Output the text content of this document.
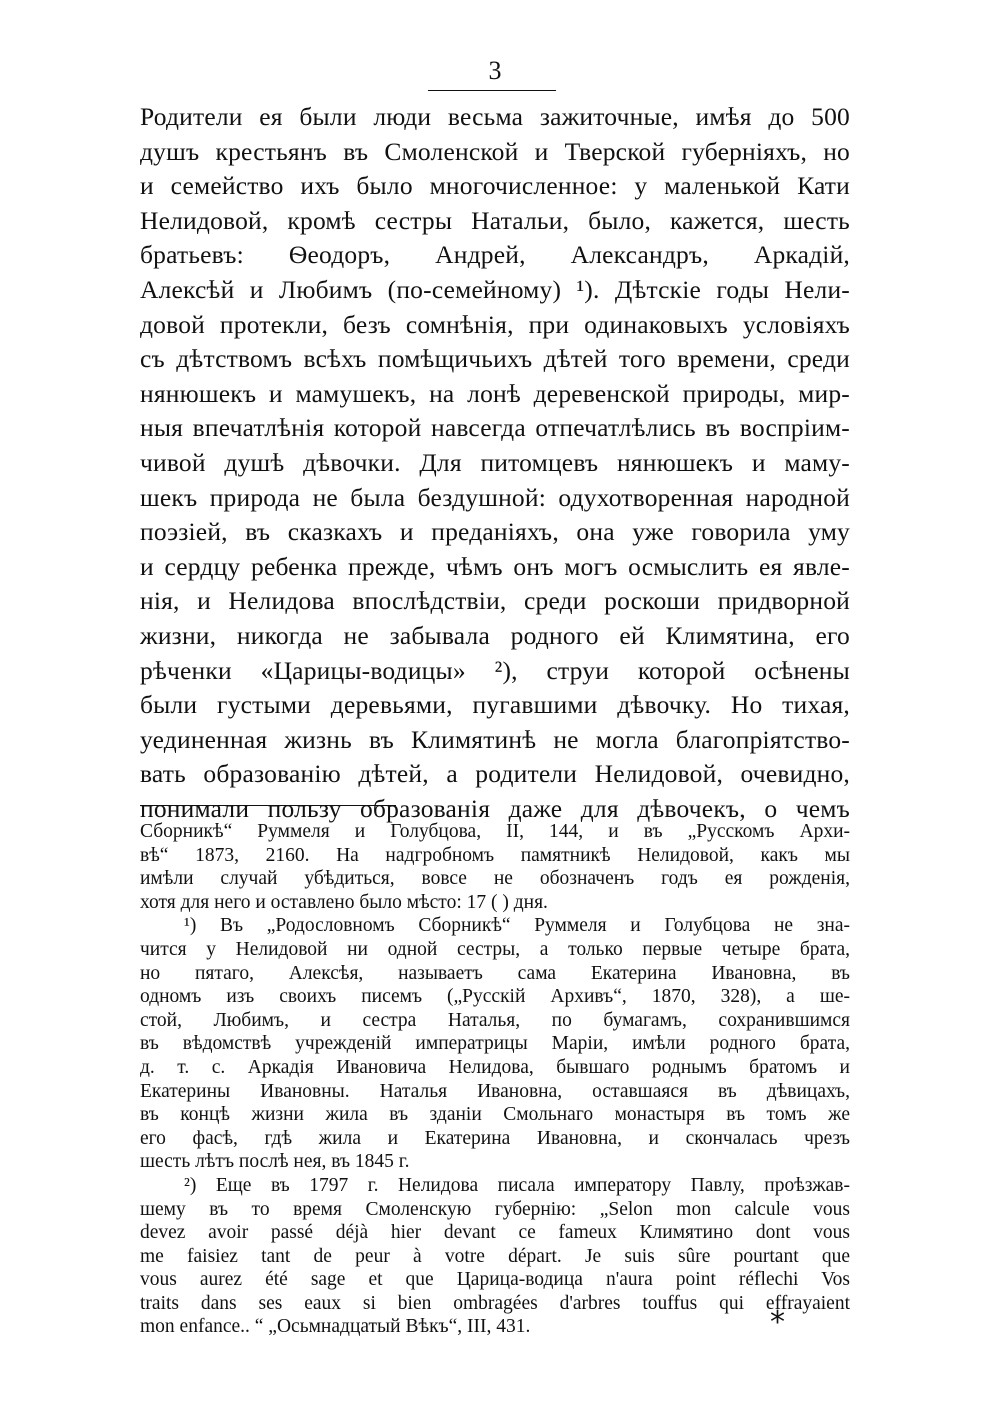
3
Родители ея были люди весьма зажиточные, имѣя до 500
душъ крестьянъ въ Смоленской и Тверской губерніяхъ, но
и семейство ихъ было многочисленное: у маленькой Кати
Нелидовой, кромѣ сестры Натальи, было, кажется, шесть
братьевъ: Ѳеодоръ, Андрей, Александръ, Аркадій,
Алексѣй и Любимъ (по-семейному) ¹). Дѣтскіе годы Нели-
довой протекли, безъ сомнѣнія, при одинаковыхъ условіяхъ
съ дѣтствомъ всѣхъ помѣщичьихъ дѣтей того времени, среди
нянюшекъ и мамушекъ, на лонѣ деревенской природы, мир-
ныя впечатлѣнія которой навсегда отпечатлѣлись въ воспріим-
чивой душѣ дѣвочки. Для питомцевъ нянюшекъ и маму-
шекъ природа не была бездушной: одухотворенная народной
поэзіей, въ сказкахъ и преданіяхъ, она уже говорила уму
и сердцу ребенка прежде, чѣмъ онъ могъ осмыслить ея явле-
нія, и Нелидова впослѣдствіи, среди роскоши придворной
жизни, никогда не забывала родного ей Климятина, его
рѣченки «Царицы-водицы» ²), струи которой осѣнены
были густыми деревьями, пугавшими дѣвочку. Но тихая,
уединенная жизнь въ Климятинѣ не могла благопріятство-
вать образованію дѣтей, а родители Нелидовой, очевидно,
понимали пользу образованія даже для дѣвочекъ, о чемъ
Сборникѣ“ Руммеля и Голубцова, II, 144, и въ „Русскомъ Архи-
вѣ“ 1873, 2160. На надгробномъ памятникѣ Нелидовой, какъ мы
имѣли случай убѣдиться, вовсе не обозначенъ годъ ея рожденія,
хотя для него и оставлено было мѣсто: 17 ( ) дня.
¹) Въ „Родословномъ Сборникѣ“ Руммеля и Голубцова не зна-
чится у Нелидовой ни одной сестры, а только первые четыре брата,
но пятаго, Алексѣя, называетъ сама Екатерина Ивановна, въ
одномъ изъ своихъ писемъ („Русскій Архивъ“, 1870, 328), а ше-
стой, Любимъ, и сестра Наталья, по бумагамъ, сохранившимся
въ вѣдомствѣ учрежденій императрицы Маріи, имѣли родного брата,
д. т. с. Аркадія Ивановича Нелидова, бывшаго роднымъ братомъ и
Екатерины Ивановны. Наталья Ивановна, оставшаяся въ дѣвицахъ,
въ концѣ жизни жила въ зданіи Смольнаго монастыря въ томъ же
его фасѣ, гдѣ жила и Екатерина Ивановна, и скончалась чрезъ
шесть лѣтъ послѣ нея, въ 1845 г.
²) Еще въ 1797 г. Нелидова писала императору Павлу, проѣзжав-
шему въ то время Смоленскую губернію: „Selon mon calcule vous
devez avoir passé déjà hier devant ce fameux Климятино dont vous
me faisiez tant de peur à votre départ. Je suis sûre pourtant que
vous aurez été sage et que Царица-водица n'aura point réflechi Vos
traits dans ses eaux si bien ombragées d'arbres touffus qui effrayaient
mon enfance.. “ „Осьмнадцатый Вѣкъ“, III, 431.	*
